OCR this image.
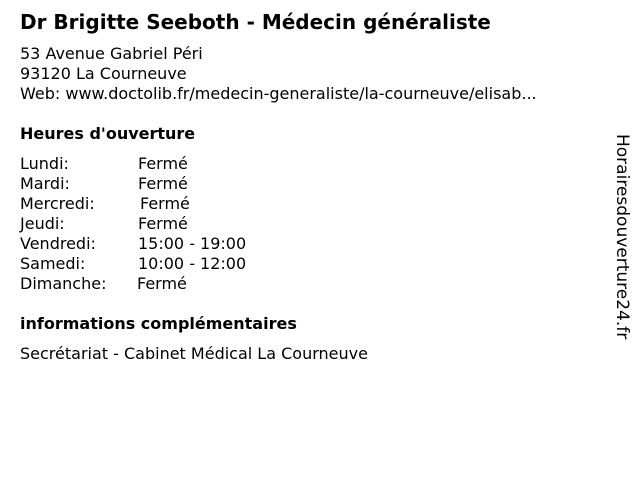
Dr Brigitte Seeboth - Médecin généraliste
53 Avenue Gabriel Péri
93120 La Courneuve
Web: www.doctolib.fr/medecin-generaliste/la-courneuve/elisab...
Heures d'ouverture
Lundi:	Fermé
Mardi:	Fermé
Mercredi:	Fermé
Jeudi:	Fermé
Vendredi:	15:00 - 19:00
Samedi:	10:00 - 12:00
Dimanche: Fermé
informations complémentaires
Secrétariat - Cabinet Médical La Courneuve
Horairesdouverture24.fr
